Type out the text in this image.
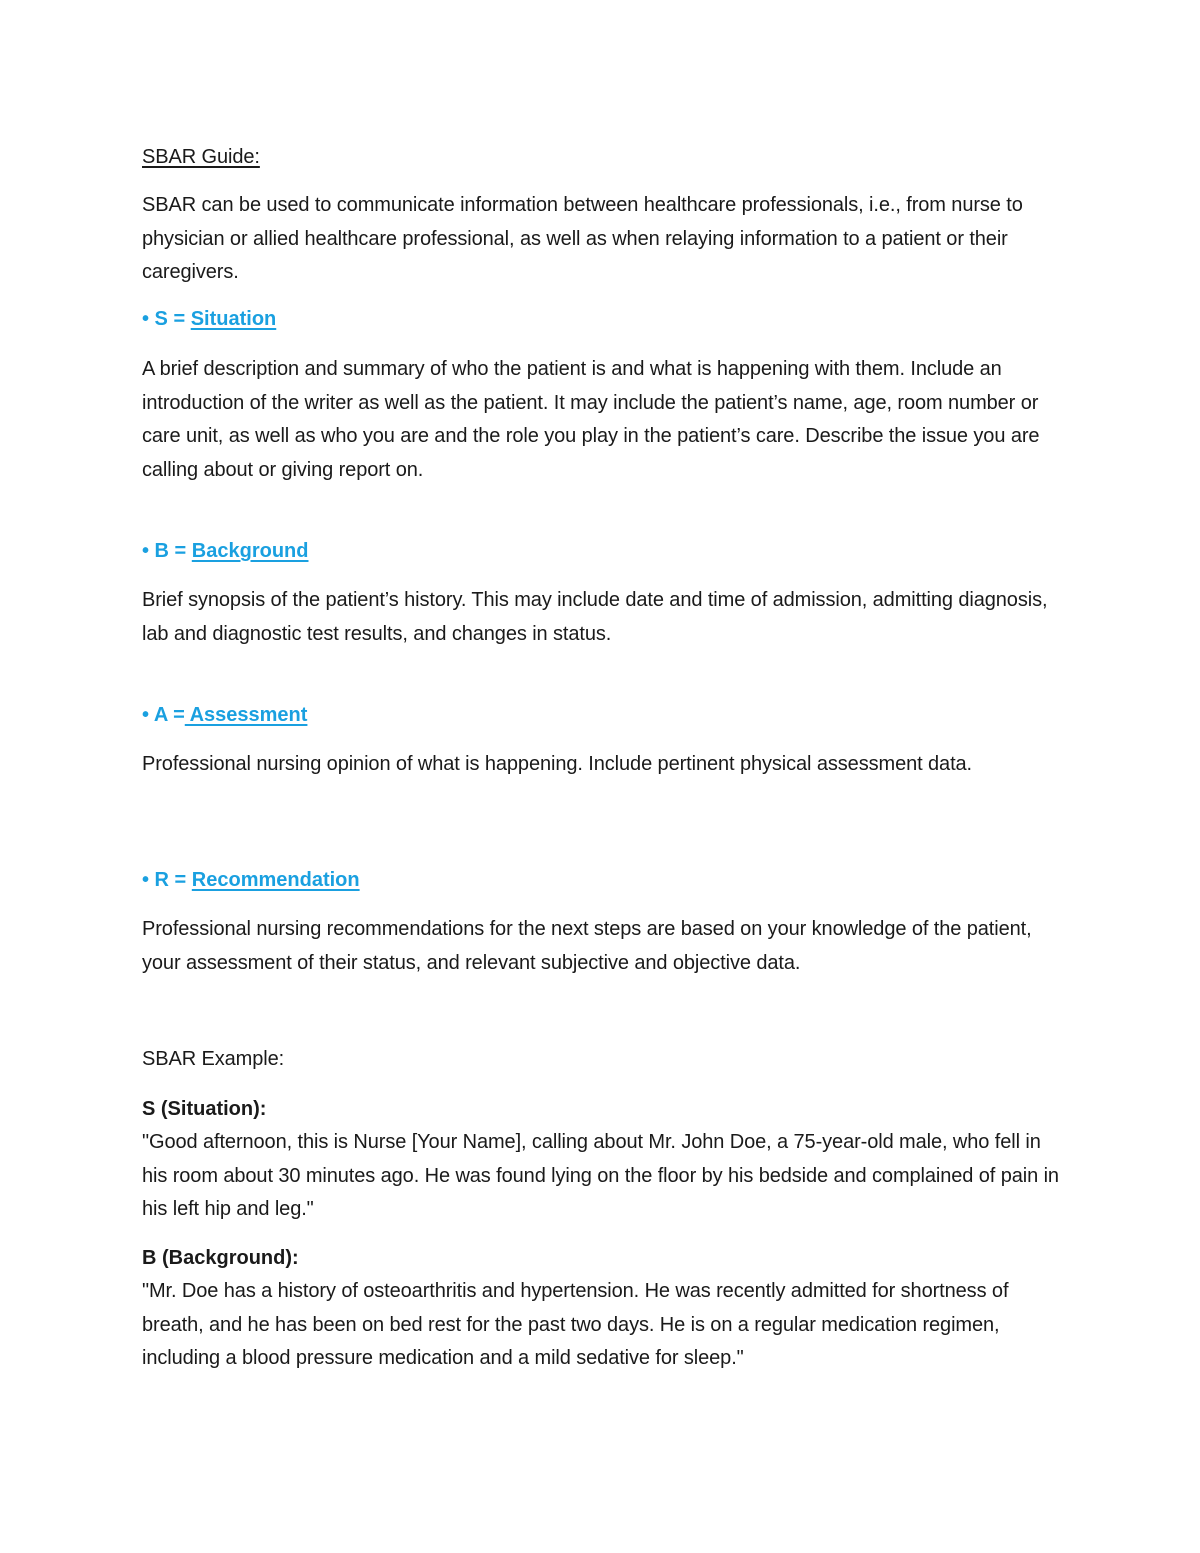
SBAR Guide:

SBAR can be used to communicate information between healthcare professionals, i.e., from nurse to physician or allied healthcare professional, as well as when relaying information to a patient or their caregivers.

• S = Situation

A brief description and summary of who the patient is and what is happening with them. Include an introduction of the writer as well as the patient. It may include the patient’s name, age, room number or care unit, as well as who you are and the role you play in the patient’s care. Describe the issue you are calling about or giving report on.

• B = Background

Brief synopsis of the patient’s history. This may include date and time of admission, admitting diagnosis, lab and diagnostic test results, and changes in status.

• A = Assessment

Professional nursing opinion of what is happening. Include pertinent physical assessment data.

• R = Recommendation

Professional nursing recommendations for the next steps are based on your knowledge of the patient, your assessment of their status, and relevant subjective and objective data.

SBAR Example:

S (Situation):

"Good afternoon, this is Nurse [Your Name], calling about Mr. John Doe, a 75-year-old male, who fell in his room about 30 minutes ago. He was found lying on the floor by his bedside and complained of pain in his left hip and leg."

B (Background):

"Mr. Doe has a history of osteoarthritis and hypertension. He was recently admitted for shortness of breath, and he has been on bed rest for the past two days. He is on a regular medication regimen, including a blood pressure medication and a mild sedative for sleep."
